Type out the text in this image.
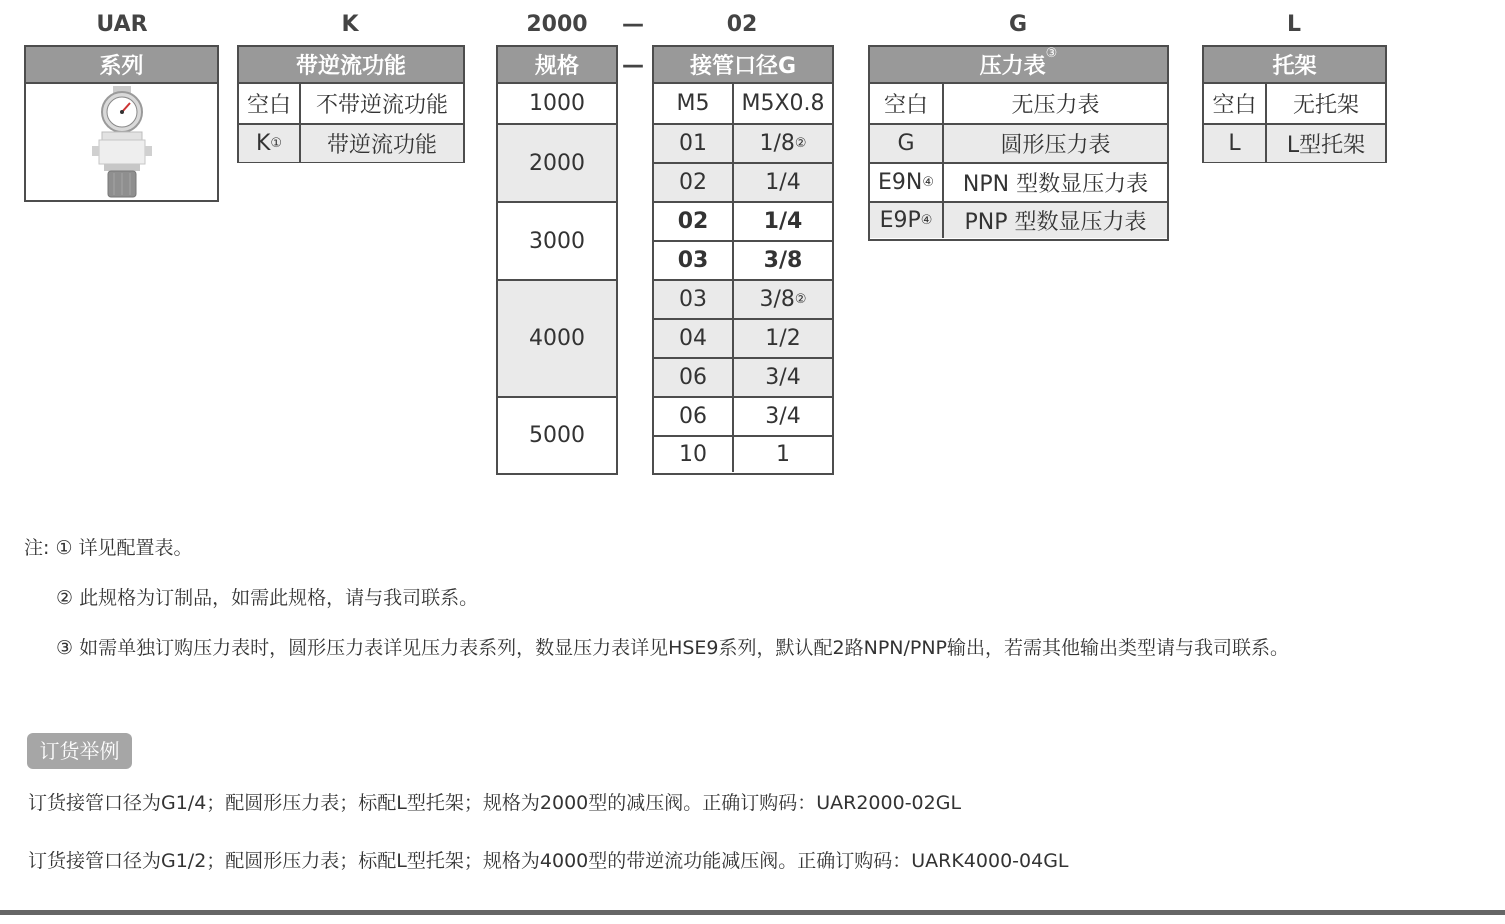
UAR	K	2000	—	02	G	L
系列	带逆流功能
空白	不带逆流功能
K ①	带逆流功能
规格
1000
2000
3000
4000
5000
—	接管口径G
M5	M5X0.8
01	1/8 ②
02	1/4
02	1/4
03	3/8
03	3/8 ②
04	1/2
06	3/4
06	3/4
10	1
压力表③
空白	无压力表
G	圆形压力表
E9N ④	NPN 型数显压力表
E9P ④	PNP 型数显压力表
托架
空白	无托架
L	L型托架
注: ① 详见配置表。
② 此规格为订制品，如需此规格，请与我司联系。
③ 如需单独订购压力表时，圆形压力表详见压力表系列，数显压力表详见HSE9系列，默认配2路NPN/PNP输出，若需其他输出类型请与我司联系。
订货举例
订货接管口径为G1/4；配圆形压力表；标配L型托架；规格为2000型的减压阀。正确订购码：UAR2000-02GL
订货接管口径为G1/2；配圆形压力表；标配L型托架；规格为4000型的带逆流功能减压阀。正确订购码：UARK4000-04GL
